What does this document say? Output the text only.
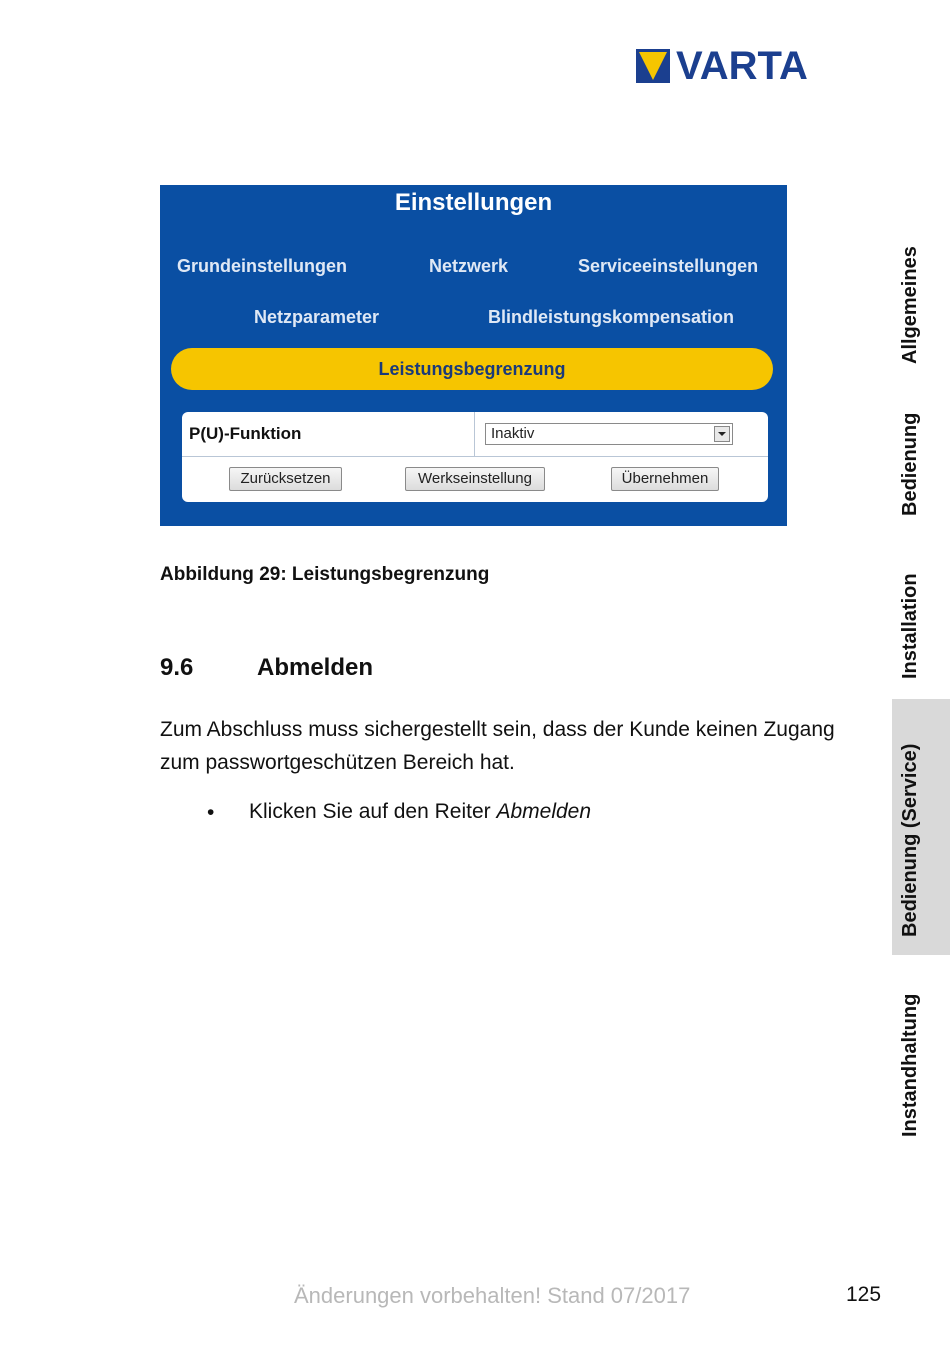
VARTA
Einstellungen
Grundeinstellungen	Netzwerk	Serviceeinstellungen
Netzparameter	Blindleistungskompensation
Leistungsbegrenzung
P(U)-Funktion	Inaktiv
Zurücksetzen	Werkseinstellung	Übernehmen
Abbildung 29: Leistungsbegrenzung
9.6	Abmelden
Zum Abschluss muss sichergestellt sein, dass der Kunde keinen Zugang zum passwortgeschützen Bereich hat.
• Klicken Sie auf den Reiter Abmelden
Allgemeines
Bedienung
Installation
Bedienung (Service)
Instandhaltung
Änderungen vorbehalten! Stand 07/2017	125
